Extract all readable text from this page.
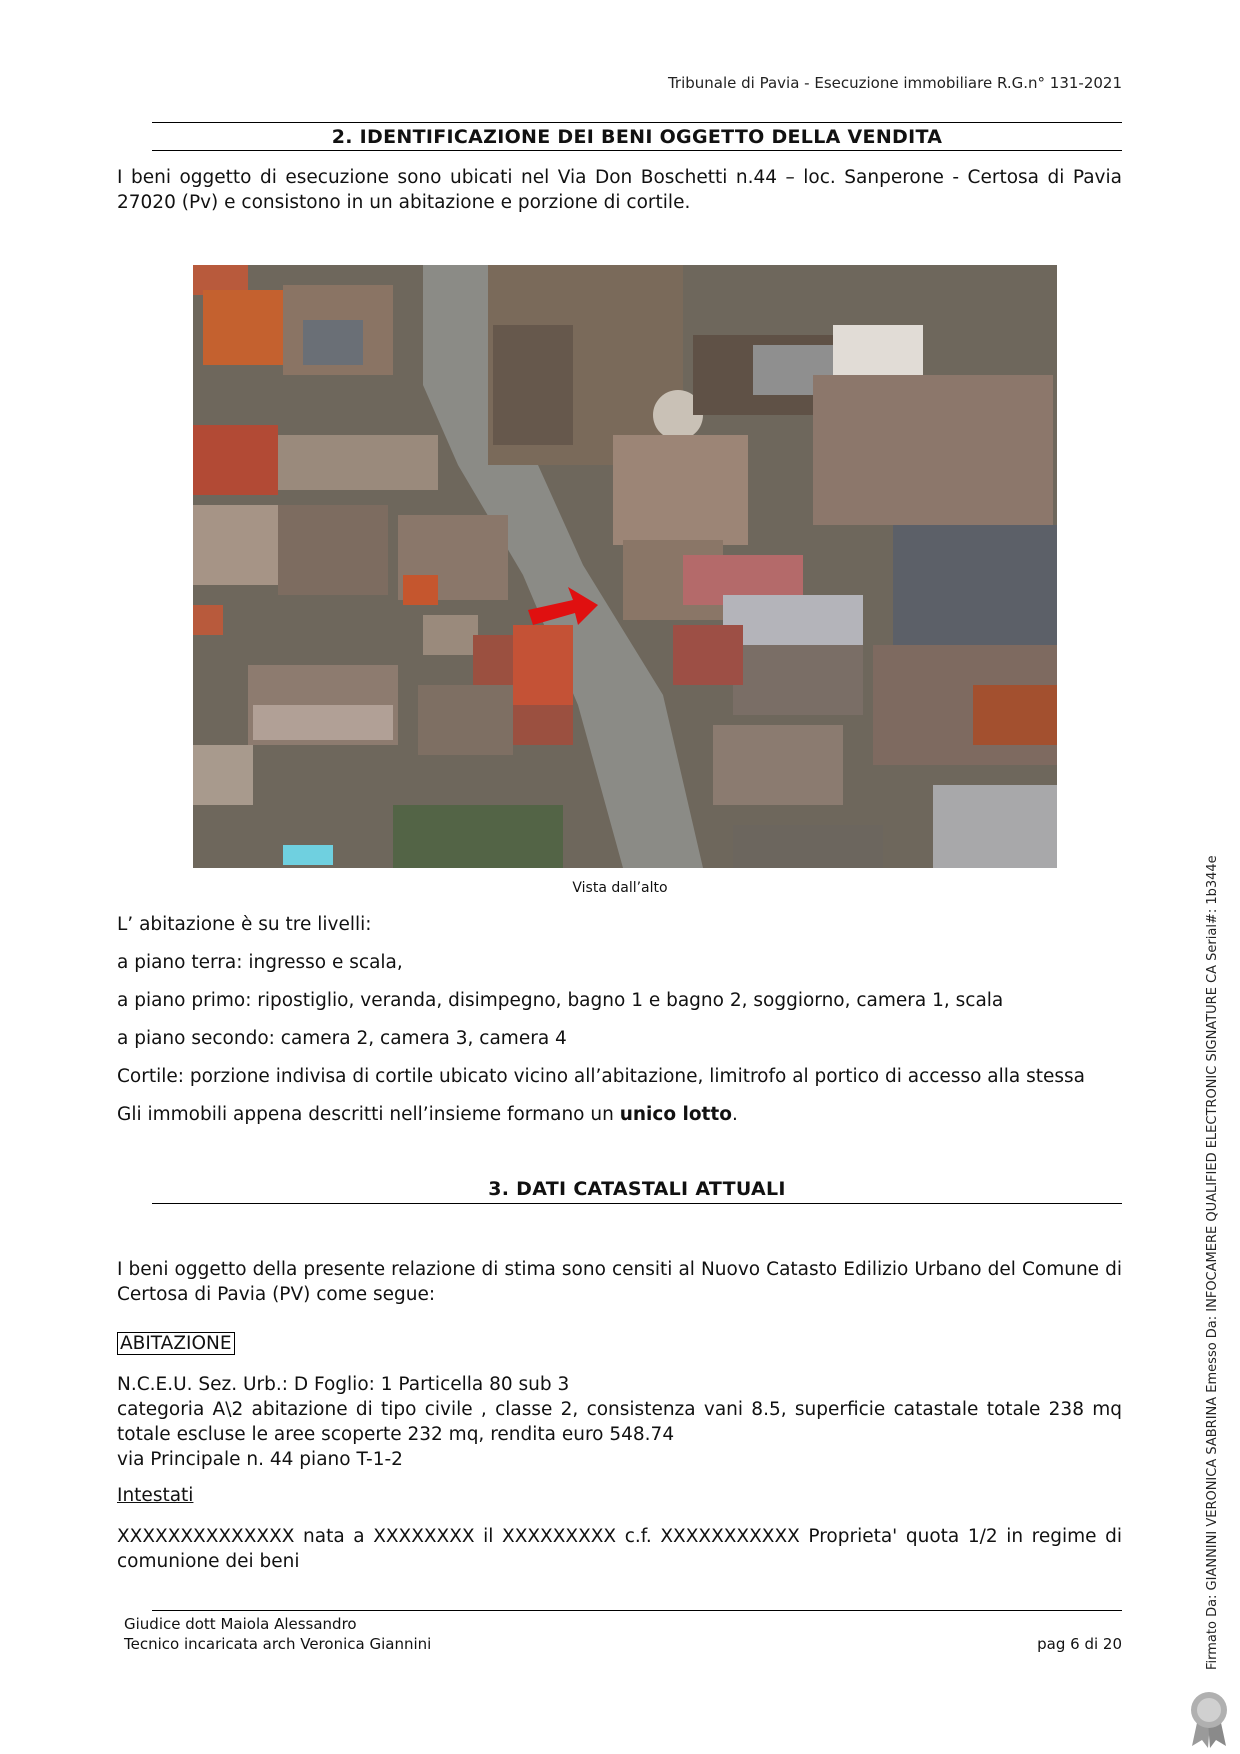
Tribunale di Pavia - Esecuzione immobiliare R.G.n° 131-2021
2. IDENTIFICAZIONE DEI BENI OGGETTO DELLA VENDITA
I beni oggetto di esecuzione sono ubicati nel Via Don Boschetti n.44 – loc. Sanperone - Certosa di Pavia 27020 (Pv) e consistono in un abitazione e porzione di cortile.
Vista dall’alto
L’ abitazione è su tre livelli:
a piano terra: ingresso e scala,
a piano primo: ripostiglio, veranda, disimpegno, bagno 1 e bagno 2, soggiorno, camera 1, scala
a piano secondo: camera 2, camera 3, camera 4
Cortile: porzione indivisa di cortile ubicato vicino all’abitazione, limitrofo al portico di accesso alla stessa
Gli immobili appena descritti nell’insieme formano un unico lotto.
3. DATI CATASTALI ATTUALI
I beni oggetto della presente relazione di stima sono censiti al Nuovo Catasto Edilizio Urbano del Comune di Certosa di Pavia (PV) come segue:
ABITAZIONE
N.C.E.U. Sez. Urb.: D Foglio: 1 Particella 80 sub 3
categoria A\2 abitazione di tipo civile , classe 2, consistenza vani 8.5, superficie catastale totale 238 mq totale escluse le aree scoperte 232 mq, rendita euro 548.74
via Principale n. 44 piano T-1-2
Intestati
XXXXXXXXXXXXXX nata a XXXXXXXX il XXXXXXXXX c.f. XXXXXXXXXXX Proprieta' quota 1/2 in regime di comunione dei beni
Giudice dott Maiola Alessandro
Tecnico incaricata arch Veronica Giannini	pag 6 di 20	Firmato Da: GIANNINI VERONICA SABRINA Emesso Da: INFOCAMERE QUALIFIED ELECTRONIC SIGNATURE CA Serial#: 1b344e
